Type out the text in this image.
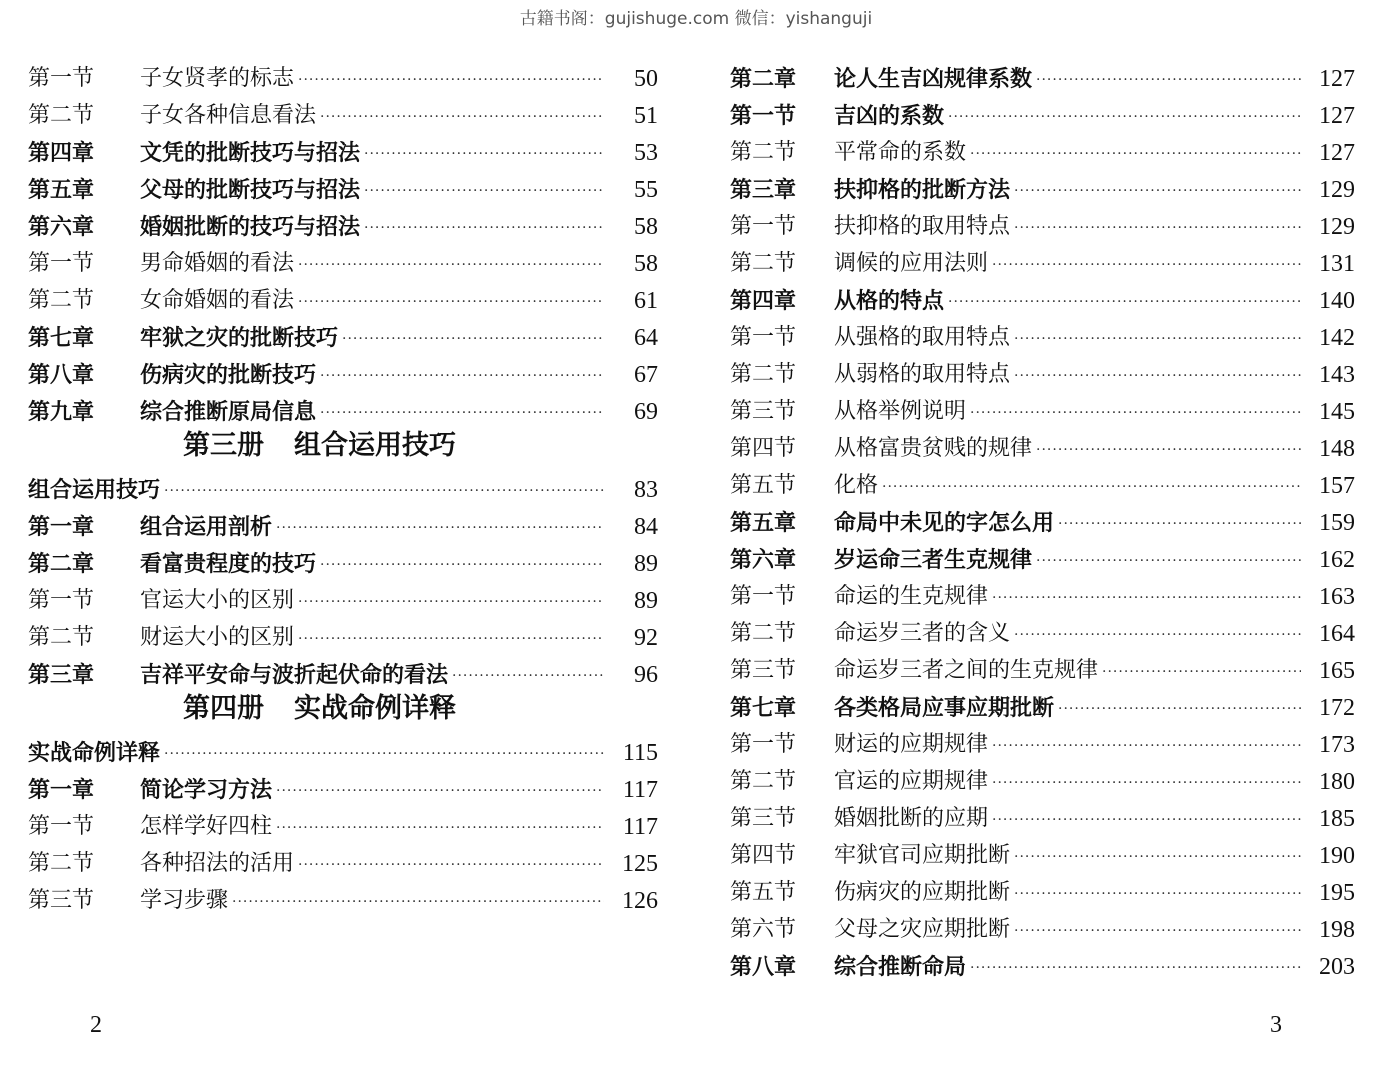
古籍书阁：gujishuge.com 微信：yishanguji
第一节	子女贤孝的标志 ·····	50
第二节	子女各种信息看法 ·····	51
第四章	文凭的批断技巧与招法 ·····	53
第五章	父母的批断技巧与招法 ·····	55
第六章	婚姻批断的技巧与招法 ·····	58
第一节	男命婚姻的看法 ·····	58
第二节	女命婚姻的看法 ·····	61
第七章	牢狱之灾的批断技巧 ·····	64
第八章	伤病灾的批断技巧 ·····	67
第九章	综合推断原局信息 ·····	69
第三册 组合运用技巧
组合运用技巧 ·····	83
第一章	组合运用剖析 ·····	84
第二章	看富贵程度的技巧 ·····	89
第一节	官运大小的区别 ·····	89
第二节	财运大小的区别 ·····	92
第三章	吉祥平安命与波折起伏命的看法 ·····	96
第四册 实战命例详释
实战命例详释 ·····	115
第一章	简论学习方法 ·····	117
第一节	怎样学好四柱 ·····	117
第二节	各种招法的活用 ·····	125
第三节	学习步骤 ·····	126
第二章	论人生吉凶规律系数 ·····	127
第一节	吉凶的系数 ·····	127
第二节	平常命的系数 ·····	127
第三章	扶抑格的批断方法 ·····	129
第一节	扶抑格的取用特点 ·····	129
第二节	调候的应用法则 ·····	131
第四章	从格的特点 ·····	140
第一节	从强格的取用特点 ·····	142
第二节	从弱格的取用特点 ·····	143
第三节	从格举例说明 ·····	145
第四节	从格富贵贫贱的规律 ·····	148
第五节	化格 ·····	157
第五章	命局中未见的字怎么用 ·····	159
第六章	岁运命三者生克规律 ·····	162
第一节	命运的生克规律 ·····	163
第二节	命运岁三者的含义 ·····	164
第三节	命运岁三者之间的生克规律 ·····	165
第七章	各类格局应事应期批断 ·····	172
第一节	财运的应期规律 ·····	173
第二节	官运的应期规律 ·····	180
第三节	婚姻批断的应期 ·····	185
第四节	牢狱官司应期批断 ·····	190
第五节	伤病灾的应期批断 ·····	195
第六节	父母之灾应期批断 ·····	198
第八章	综合推断命局 ·····	203
2	3
